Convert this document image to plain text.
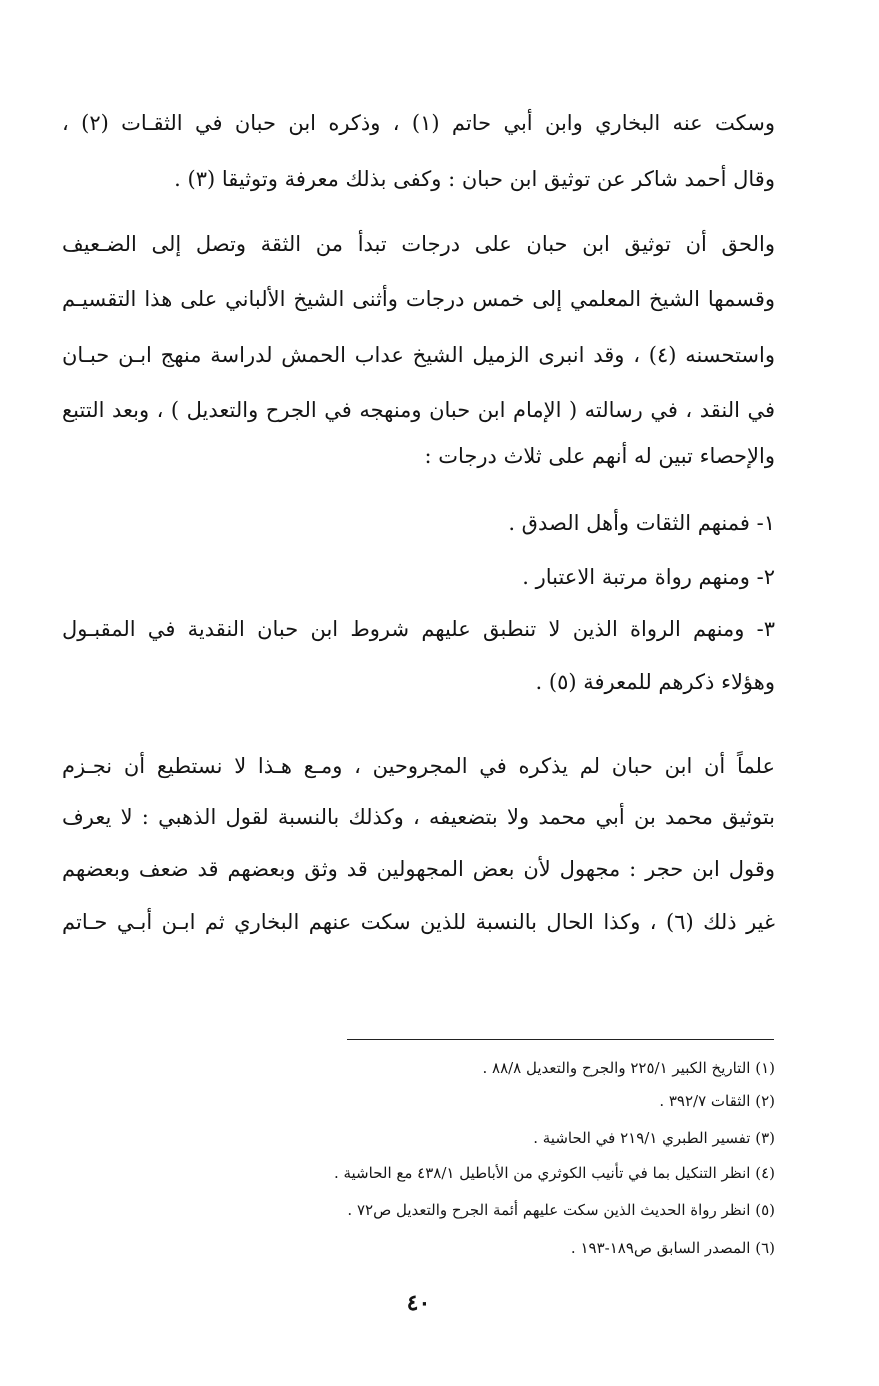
وسكت عنه البخاري وابن أبي حاتم (١) ، وذكره ابن حبان في الثقـات (٢) ،
وقال أحمد شاكر عن توثيق ابن حبان : وكفى بذلك معرفة وتوثيقا (٣) .
والحق أن توثيق ابن حبان على درجات تبدأ من الثقة وتصل إلى الضـعيف
وقسمها الشيخ المعلمي إلى خمس درجات وأثنى الشيخ الألباني على هذا التقسيـم
واستحسنه (٤) ، وقد انبرى الزميل الشيخ عداب الحمش لدراسة منهج ابـن حبـان
في النقد ، في رسالته ( الإمام ابن حبان ومنهجه في الجرح والتعديل ) ، وبعد التتبع
والإحصاء تبين له أنهم على ثلاث درجات :
١- فمنهم الثقات وأهل الصدق .
٢- ومنهم رواة مرتبة الاعتبار .
٣- ومنهم الرواة الذين لا تنطبق عليهم شروط ابن حبان النقدية في المقبـول
وهؤلاء ذكرهم للمعرفة (٥) .
علماً أن ابن حبان لم يذكره في المجروحين ، ومـع هـذا لا نستطيع أن نجـزم
بتوثيق محمد بن أبي محمد ولا بتضعيفه ، وكذلك بالنسبة لقول الذهبي : لا يعرف
وقول ابن حجر : مجهول لأن بعض المجهولين قد وثق وبعضهم قد ضعف وبعضهم
غير ذلك (٦) ، وكذا الحال بالنسبة للذين سكت عنهم البخاري ثم ابـن أبـي حـاتم
(١) التاريخ الكبير ٢٢٥/١ والجرح والتعديل ٨٨/٨ .
(٢) الثقات ٣٩٢/٧ .
(٣) تفسير الطبري ٢١٩/١ في الحاشية .
(٤) انظر التنكيل بما في تأنيب الكوثري من الأباطيل ٤٣٨/١ مع الحاشية .
(٥) انظر رواة الحديث الذين سكت عليهم أئمة الجرح والتعديل ص٧٢ .
(٦) المصدر السابق ص١٨٩-١٩٣ .
٤٠
